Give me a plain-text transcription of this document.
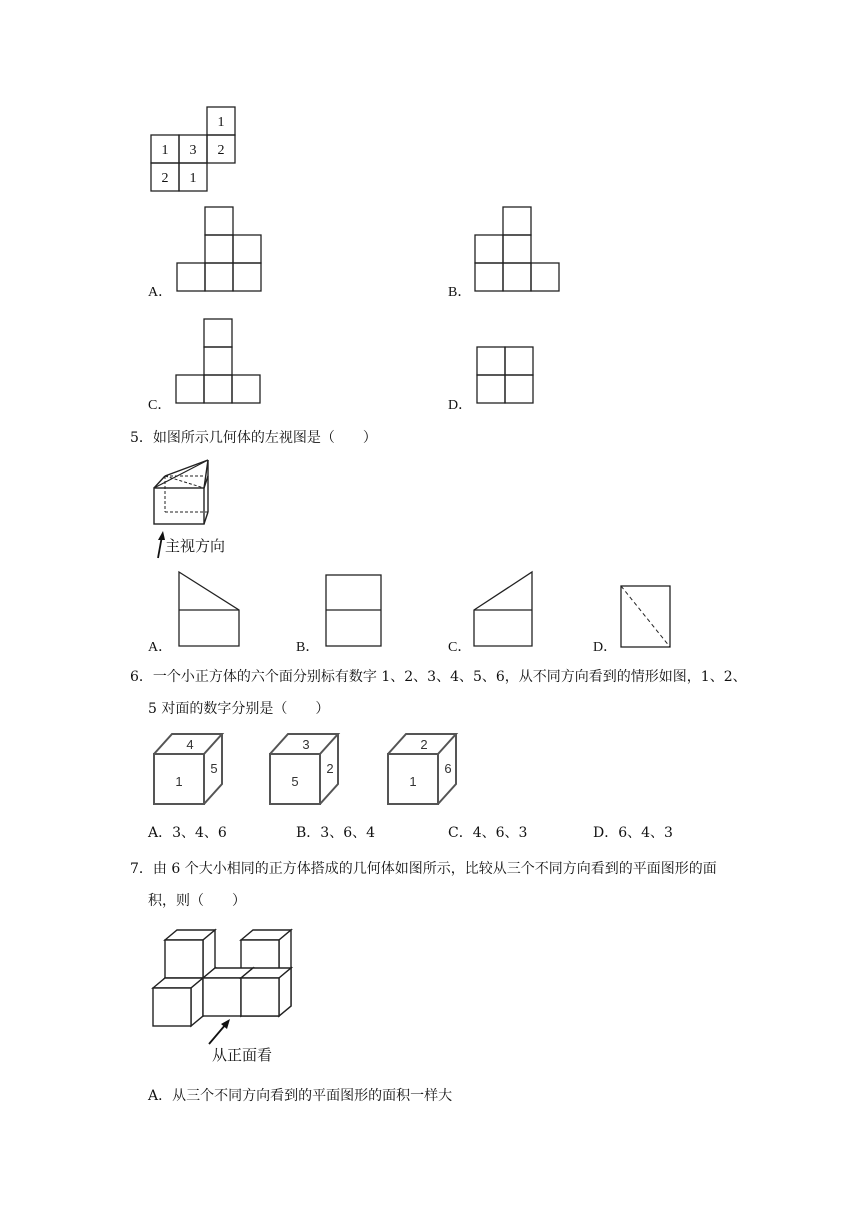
1
1 3 2
2 1
A．	B．
C．	D．
5．如图所示几何体的左视图是（　　）
主视方向
A．	B．	C．	D．
6．一个小正方体的六个面分别标有数字 1、2、3、4、5、6，从不同方向看到的情形如图，1、2、
5 对面的数字分别是（　　）
4
1
5
3
5
2
2
1
6
A．3、4、6	B．3、6、4	C．4、6、3	D．6、4、3
7．由 6 个大小相同的正方体搭成的几何体如图所示，比较从三个不同方向看到的平面图形的面
积，则（　　）
从正面看
A．从三个不同方向看到的平面图形的面积一样大
